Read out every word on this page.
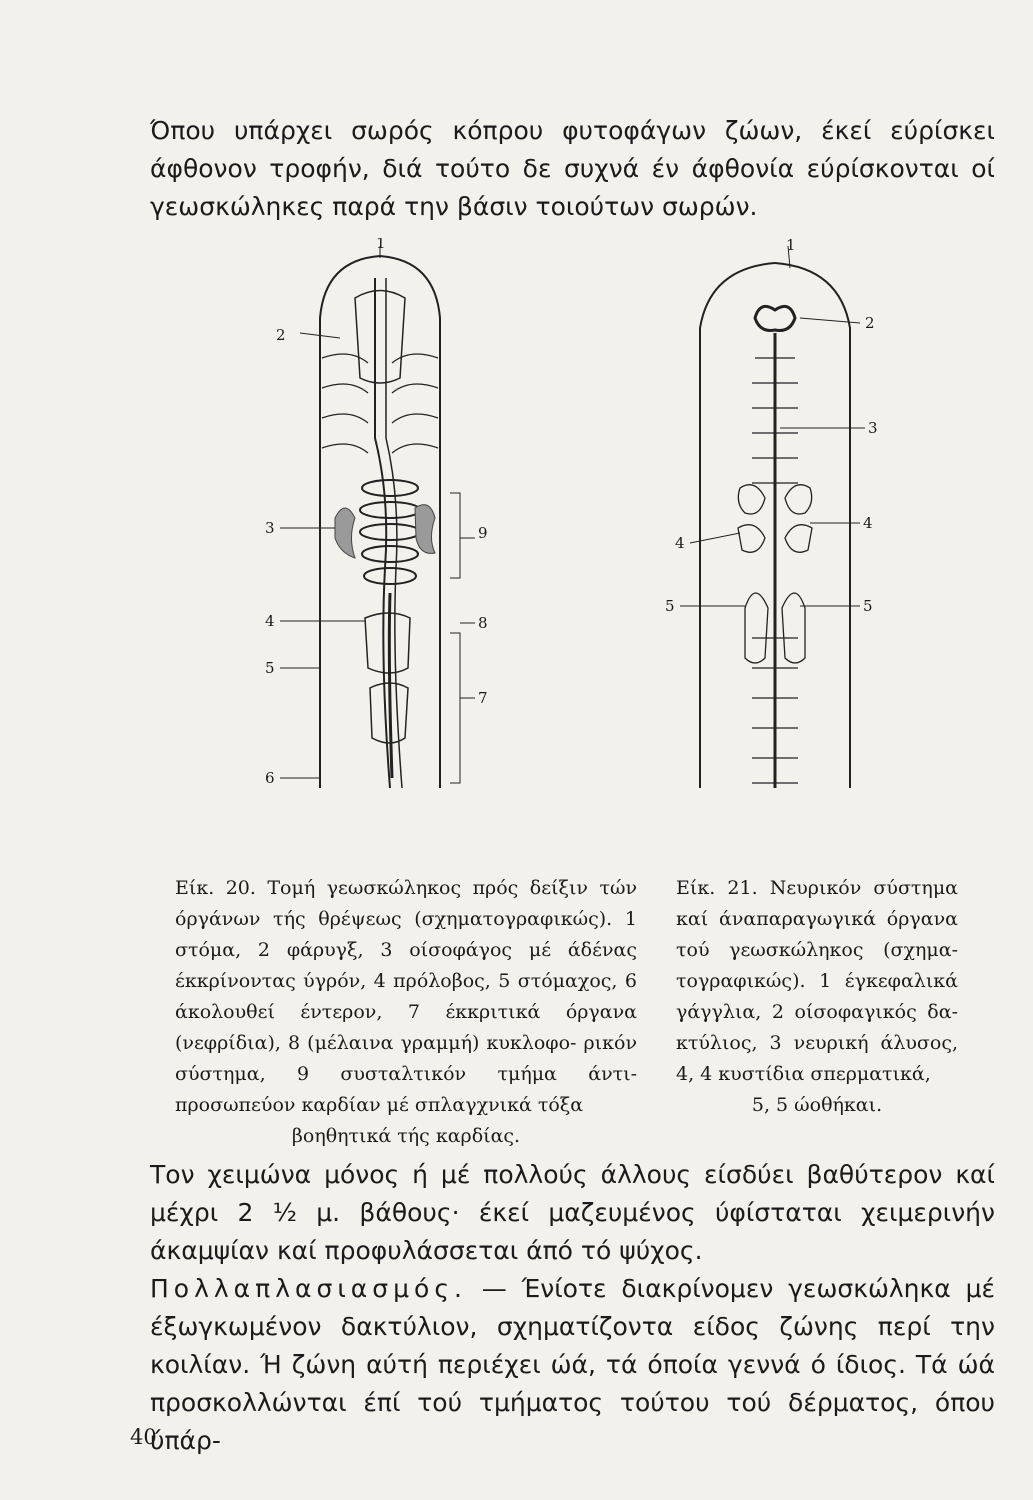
Όπου υπάρχει σωρός κόπρου φυτοφάγων ζώων, έκεί εύρίσκει άφθονον τροφήν, διά τούτο δε συχνά έν άφθονία εύρίσκονται οί γεωσκώληκες παρά την βάσιν τοιούτων σωρών.

1
2
3	9
4	8
5
7
6
1
2
3
4
4
5	5

Είκ. 20. Τομή γεωσκώληκος πρός δείξιν τών όργάνων τής θρέψεως (σχηματογραφικώς). 1 στόμα, 2 φάρυγξ, 3 οίσοφάγος μέ άδένας έκκρίνοντας ύγρόν, 4 πρόλοβος, 5 στόμαχος, 6 άκολουθεί έντερον, 7 έκκριτικά όργανα (νεφρίδια), 8 (μέλαινα γραμμή) κυκλοφο- ρικόν σύστημα, 9 συσταλτικόν τμήμα άντι- προσωπεύον καρδίαν μέ σπλαγχνικά τόξα
βοηθητικά τής καρδίας.

Είκ. 21. Νευρικόν σύστημα καί άναπαραγωγικά όργανα τού γεωσκώληκος (σχημα- τογραφικώς). 1 έγκεφαλικά γάγγλια, 2 οίσοφαγικός δα- κτύλιος, 3 νευρική άλυσος, 4, 4 κυστίδια σπερματικά,
5, 5 ώοθήκαι.

Τον χειμώνα μόνος ή μέ πολλούς άλλους είσδύει βαθύτερον καί μέχρι 2 ½ μ. βάθους· έκεί μαζευμένος ύφίσταται χειμερινήν άκαμψίαν καί προφυλάσσεται άπό τό ψύχος.
Πολλαπλασιασμός. — Ένίοτε διακρίνομεν γεωσκώληκα μέ έξωγκωμένον δακτύλιον, σχηματίζοντα είδος ζώνης περί την κοιλίαν. Ή ζώνη αύτή περιέχει ώά, τά όποία γεννά ό ίδιος. Τά ώά προσκολλώνται έπί τού τμήματος τούτου τού δέρματος, όπου ύπάρ-
40
